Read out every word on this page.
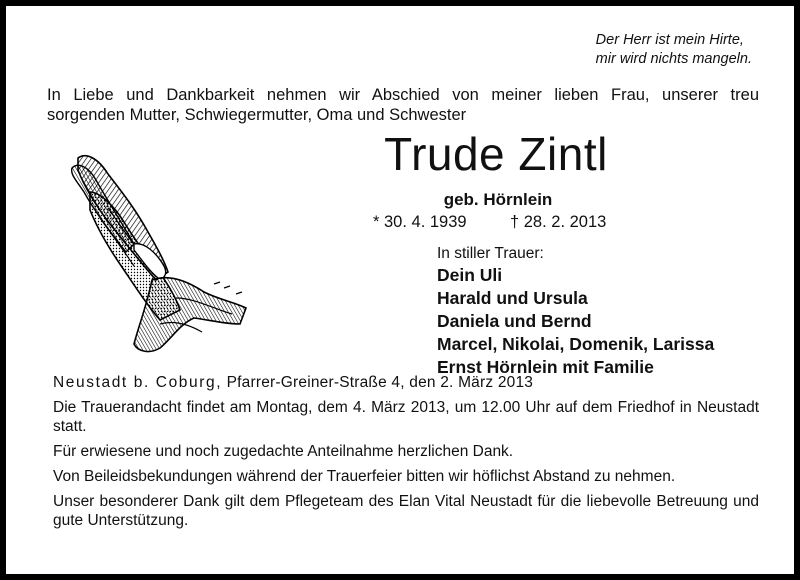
Der Herr ist mein Hirte,
mir wird nichts mangeln.
In Liebe und Dankbarkeit nehmen wir Abschied von meiner lieben Frau, unserer treu
sorgenden Mutter, Schwiegermutter, Oma und Schwester
Trude Zintl
geb. Hörnlein
* 30. 4. 1939	† 28. 2. 2013
In stiller Trauer:
Dein Uli
Harald und Ursula
Daniela und Bernd
Marcel, Nikolai, Domenik, Larissa
Ernst Hörnlein mit Familie
Neustadt b. Coburg, Pfarrer-Greiner-Straße 4, den 2. März 2013

Die Trauerandacht findet am Montag, dem 4. März 2013, um 12.00 Uhr auf dem Friedhof in Neustadt statt.

Für erwiesene und noch zugedachte Anteilnahme herzlichen Dank.

Von Beileidsbekundungen während der Trauerfeier bitten wir höflichst Abstand zu nehmen.

Unser besonderer Dank gilt dem Pflegeteam des Elan Vital Neustadt für die liebevolle Betreuung und gute Unterstützung.
